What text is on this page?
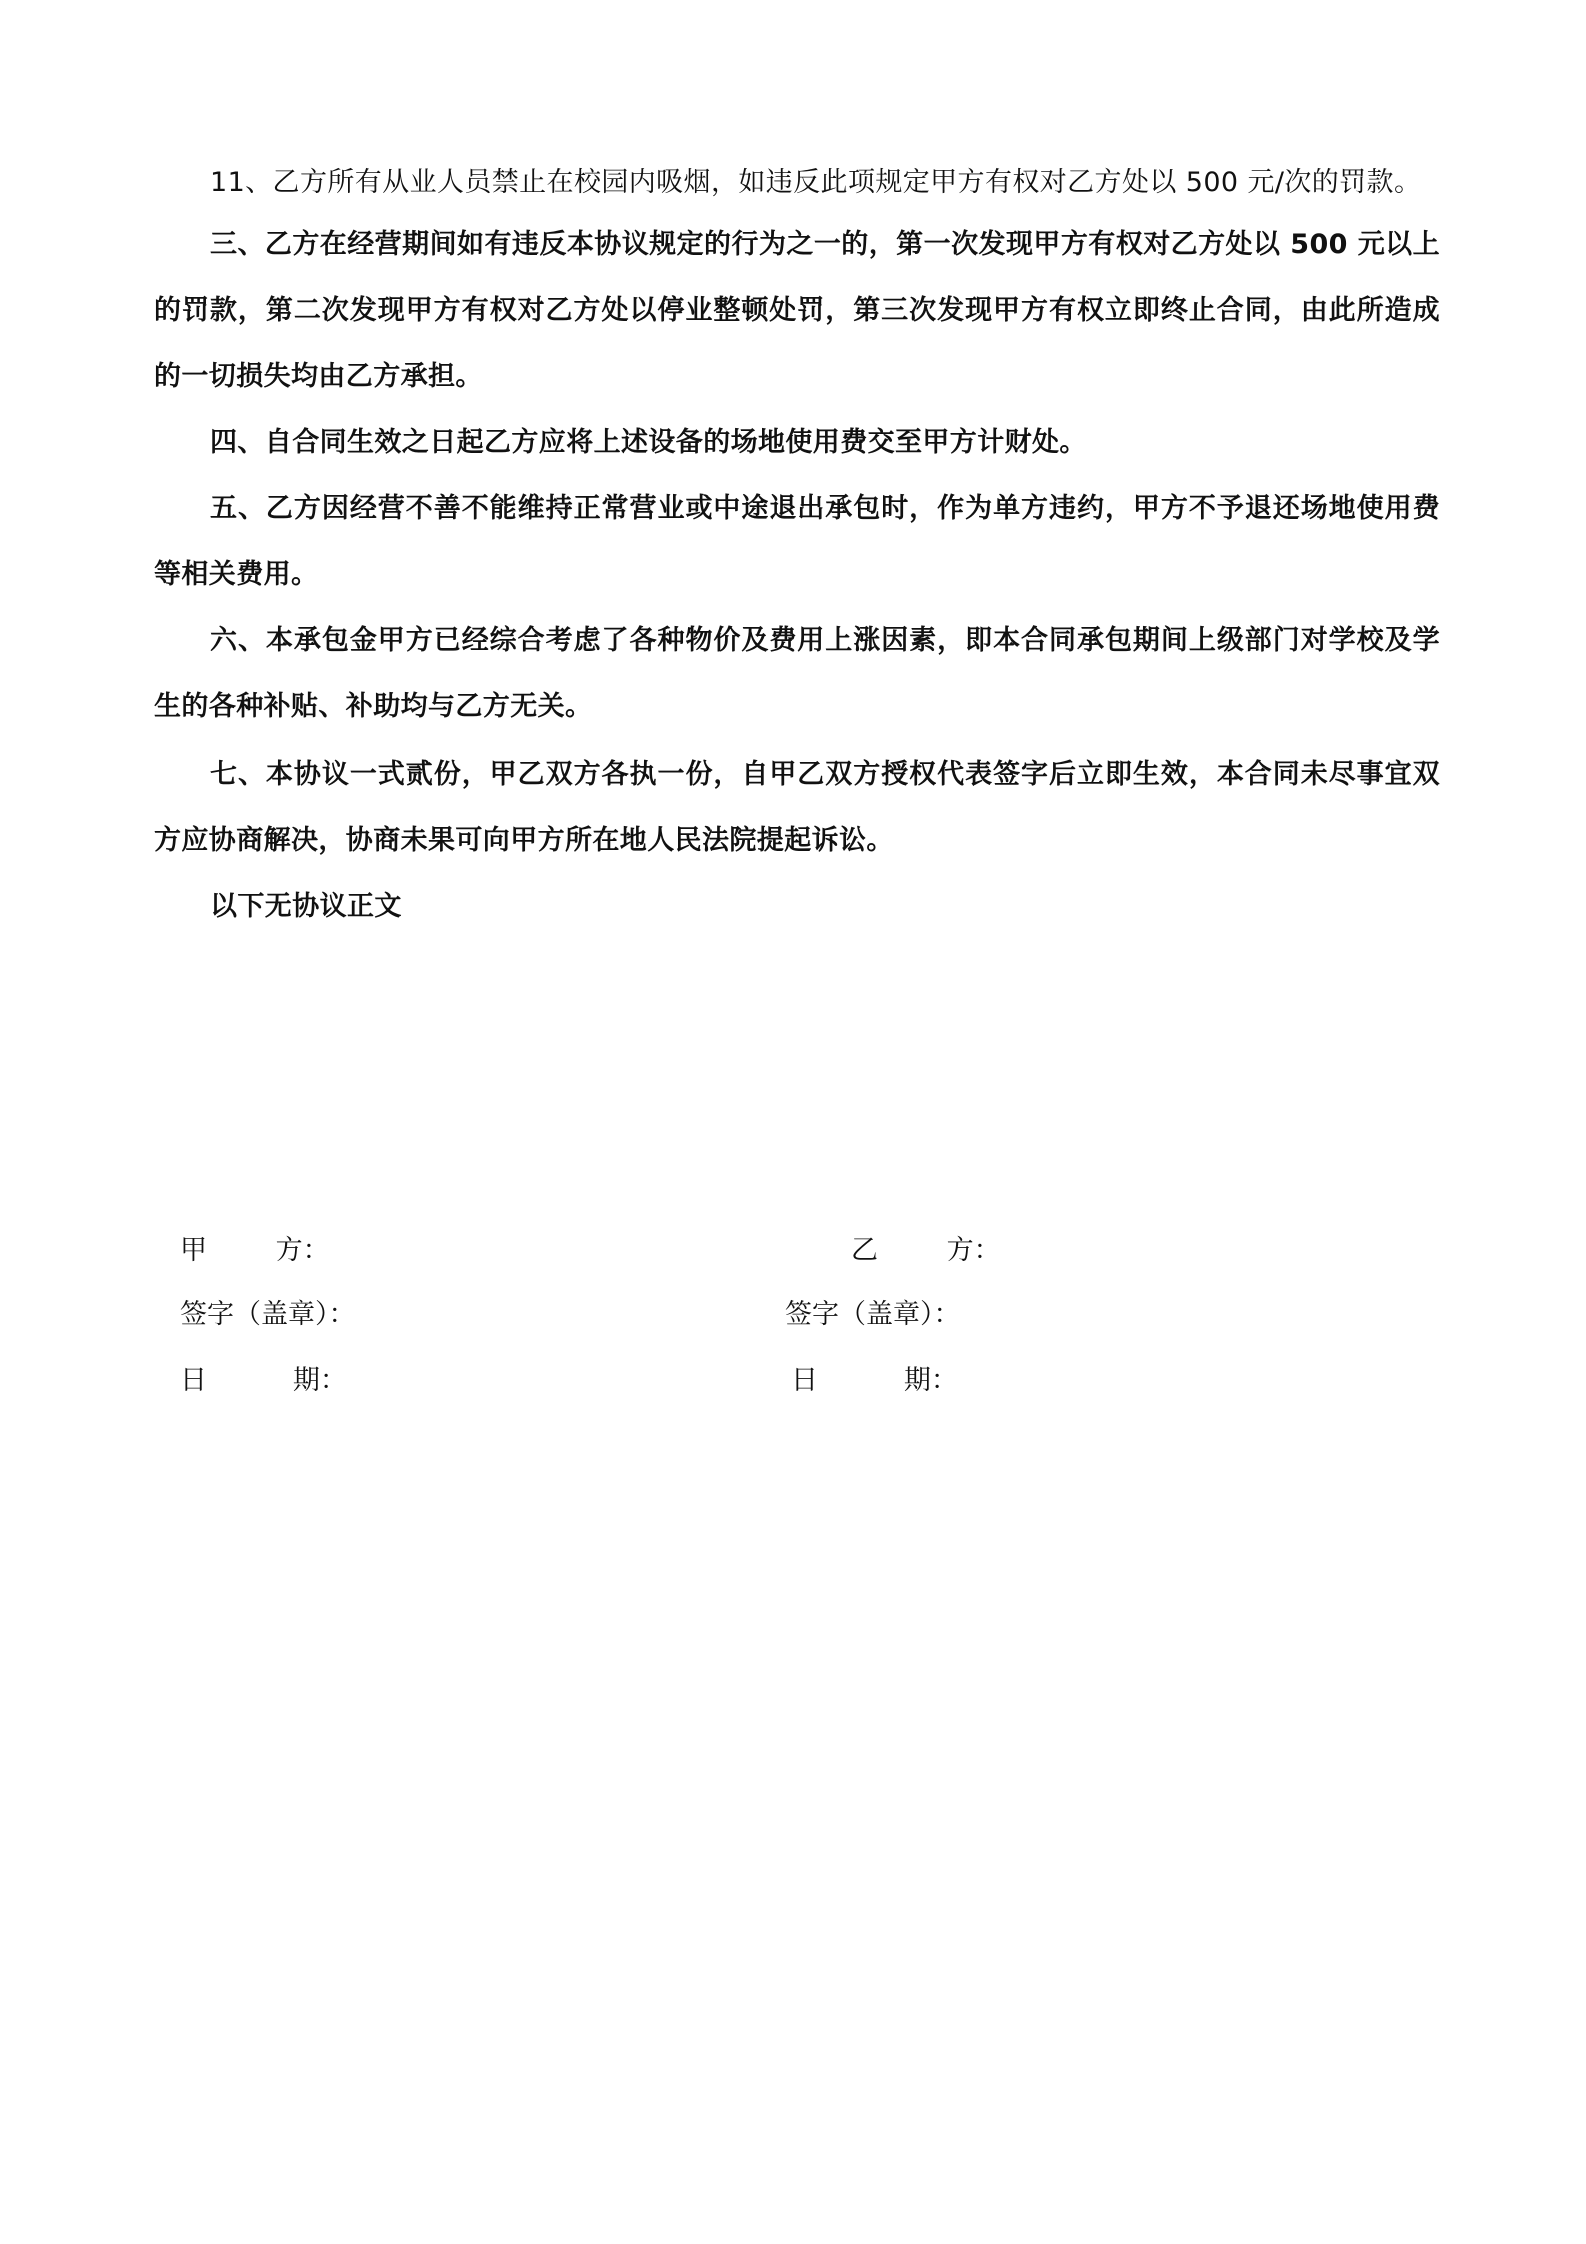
11、乙方所有从业人员禁止在校园内吸烟，如违反此项规定甲方有权对乙方处以 500 元/次的罚款。

三、乙方在经营期间如有违反本协议规定的行为之一的，第一次发现甲方有权对乙方处以 500 元以上的罚款，第二次发现甲方有权对乙方处以停业整顿处罚，第三次发现甲方有权立即终止合同，由此所造成的一切损失均由乙方承担。

四、自合同生效之日起乙方应将上述设备的场地使用费交至甲方计财处。

五、乙方因经营不善不能维持正常营业或中途退出承包时，作为单方违约，甲方不予退还场地使用费等相关费用。

六、本承包金甲方已经综合考虑了各种物价及费用上涨因素，即本合同承包期间上级部门对学校及学生的各种补贴、补助均与乙方无关。

七、本协议一式贰份，甲乙双方各执一份，自甲乙双方授权代表签字后立即生效，本合同未尽事宜双方应协商解决，协商未果可向甲方所在地人民法院提起诉讼。

以下无协议正文

甲        方：
签字（盖章）：
日          期：
乙        方：
签字（盖章）：
日          期：
